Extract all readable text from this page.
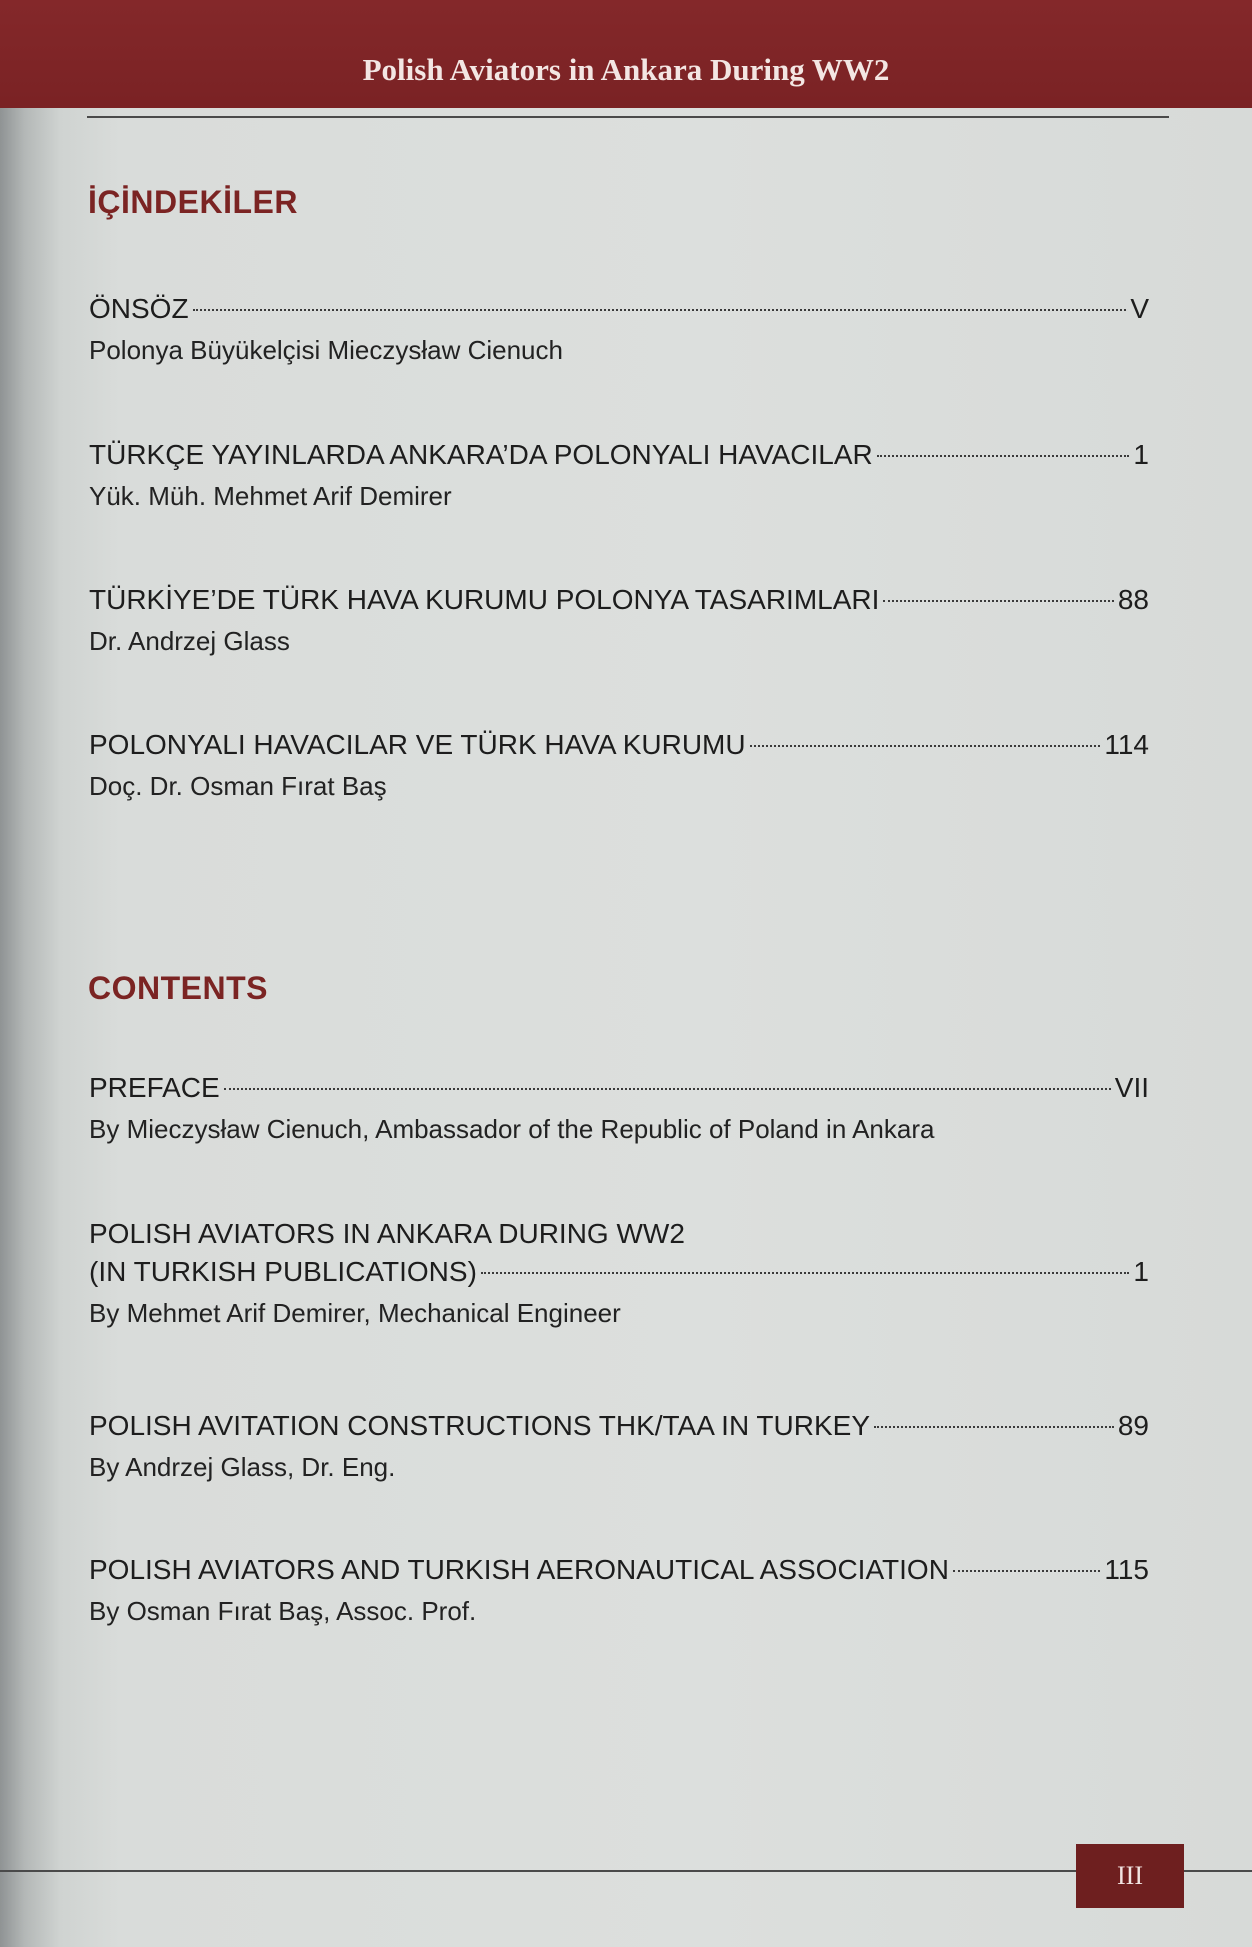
Polish Aviators in Ankara During WW2
İÇİNDEKİLER
ÖNSÖZ	V
Polonya Büyükelçisi Mieczysław Cienuch
TÜRKÇE YAYINLARDA ANKARA’DA POLONYALI HAVACILAR	1
Yük. Müh. Mehmet Arif Demirer
TÜRKİYE’DE TÜRK HAVA KURUMU POLONYA TASARIMLARI	88
Dr. Andrzej Glass
POLONYALI HAVACILAR VE TÜRK HAVA KURUMU	114
Doç. Dr. Osman Fırat Baş
CONTENTS
PREFACE	VII
By Mieczysław Cienuch, Ambassador of the Republic of Poland in Ankara
POLISH AVIATORS IN ANKARA DURING WW2
(IN TURKISH PUBLICATIONS)	1
By Mehmet Arif Demirer, Mechanical Engineer
POLISH AVITATION CONSTRUCTIONS THK/TAA IN TURKEY	89
By Andrzej Glass, Dr. Eng.
POLISH AVIATORS AND TURKISH AERONAUTICAL ASSOCIATION	115
By Osman Fırat Baş, Assoc. Prof.
III
